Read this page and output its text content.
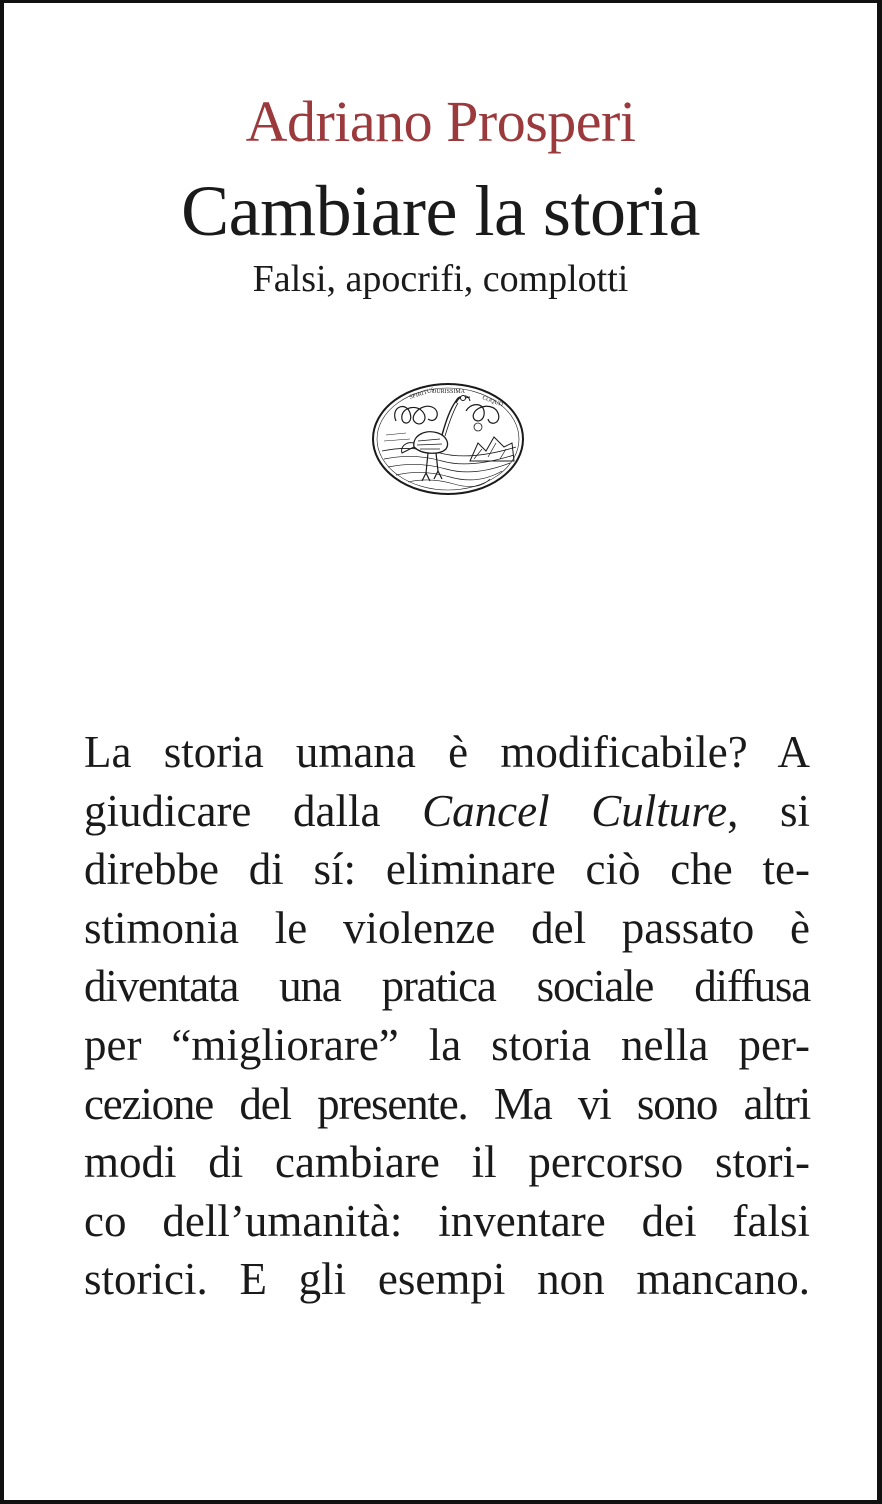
Adriano Prosperi
Cambiare la storia
Falsi, apocrifi, complotti
SPIRITUS
DURISSIMA
COQUIT
La storia umana è modificabile? A
giudicare dalla Cancel Culture, si
direbbe di sí: eliminare ciò che te-
stimonia le violenze del passato è
diventata una pratica sociale diffusa
per “migliorare” la storia nella per-
cezione del presente. Ma vi sono altri
modi di cambiare il percorso stori-
co dell’umanità: inventare dei falsi
storici. E gli esempi non mancano.
